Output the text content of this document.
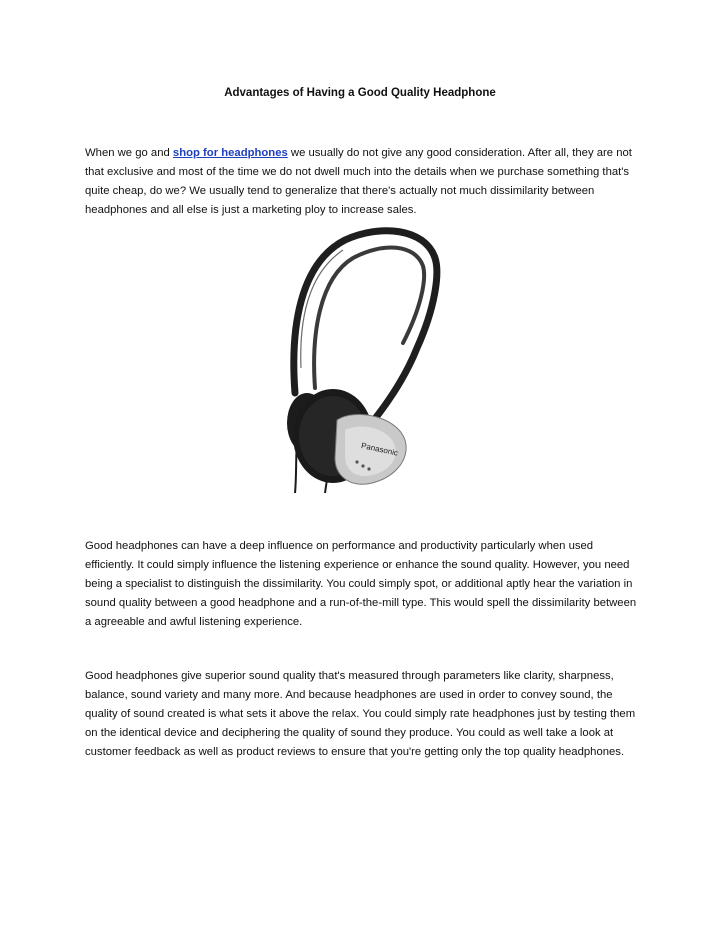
Advantages of Having a Good Quality Headphone

When we go and shop for headphones we usually do not give any good consideration. After all, they are not that exclusive and most of the time we do not dwell much into the details when we purchase something that's quite cheap, do we? We usually tend to generalize that there's actually not much dissimilarity between headphones and all else is just a marketing ploy to increase sales.

Panasonic

Good headphones can have a deep influence on performance and productivity particularly when used efficiently. It could simply influence the listening experience or enhance the sound quality. However, you need being a specialist to distinguish the dissimilarity. You could simply spot, or additional aptly hear the variation in sound quality between a good headphone and a run-of-the-mill type. This would spell the dissimilarity between a agreeable and awful listening experience.

Good headphones give superior sound quality that's measured through parameters like clarity, sharpness, balance, sound variety and many more. And because headphones are used in order to convey sound, the quality of sound created is what sets it above the relax. You could simply rate headphones just by testing them on the identical device and deciphering the quality of sound they produce. You could as well take a look at customer feedback as well as product reviews to ensure that you're getting only the top quality headphones.
